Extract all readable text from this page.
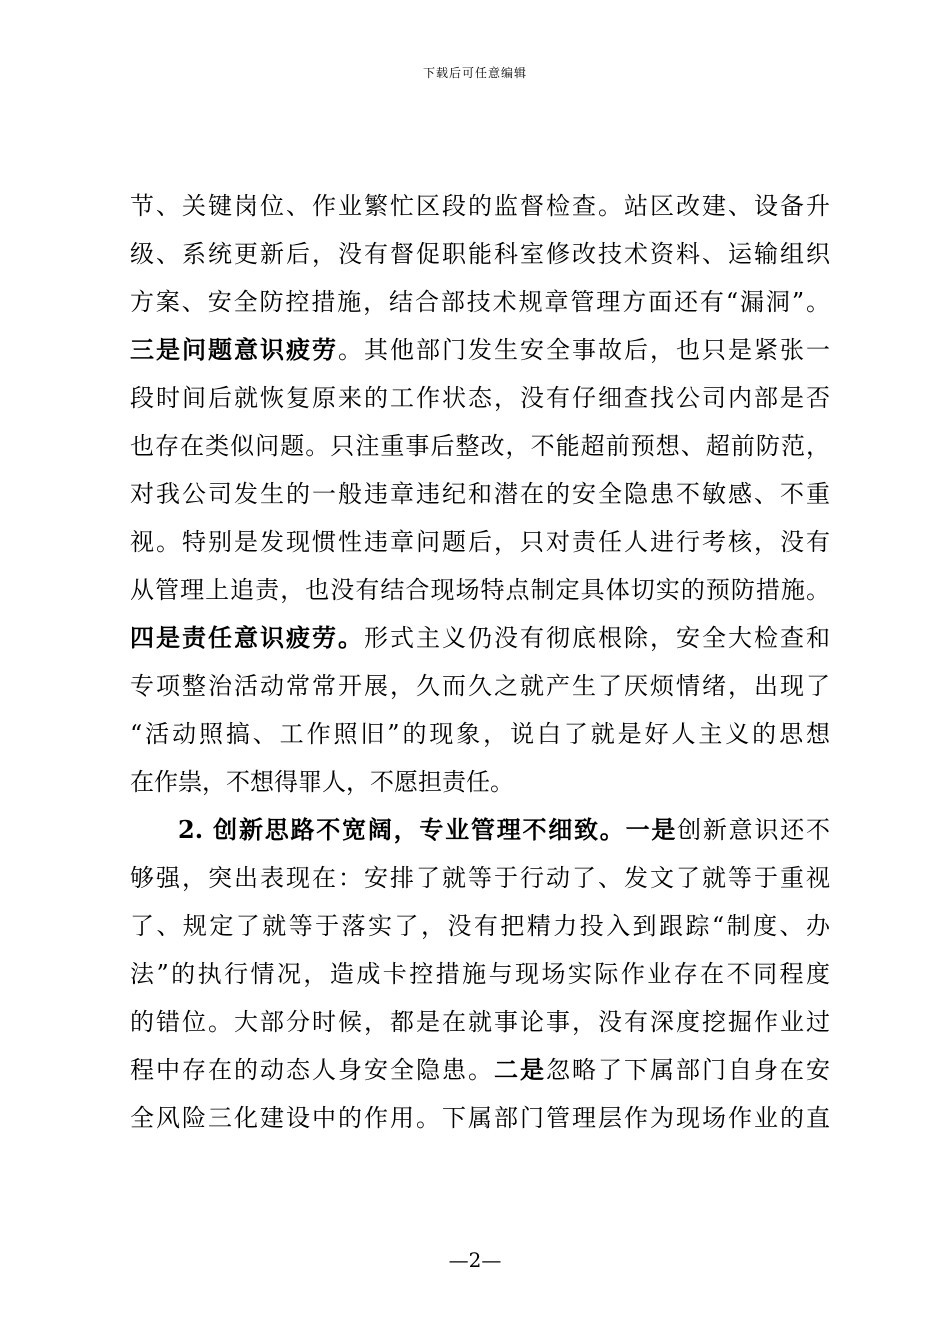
下载后可任意编辑
节、关键岗位、作业繁忙区段的监督检查。站区改建、设备升
级、系统更新后，没有督促职能科室修改技术资料、运输组织
方案、安全防控措施，结合部技术规章管理方面还有“漏洞”。
三是问题意识疲劳。其他部门发生安全事故后，也只是紧张一
段时间后就恢复原来的工作状态，没有仔细查找公司内部是否
也存在类似问题。只注重事后整改，不能超前预想、超前防范，
对我公司发生的一般违章违纪和潜在的安全隐患不敏感、不重
视。特别是发现惯性违章问题后，只对责任人进行考核，没有
从管理上追责，也没有结合现场特点制定具体切实的预防措施。
四是责任意识疲劳。形式主义仍没有彻底根除，安全大检查和
专项整治活动常常开展，久而久之就产生了厌烦情绪，出现了
“活动照搞、工作照旧”的现象，说白了就是好人主义的思想
在作祟，不想得罪人，不愿担责任。
2. 创新思路不宽阔，专业管理不细致。一是创新意识还不
够强，突出表现在：安排了就等于行动了、发文了就等于重视
了、规定了就等于落实了，没有把精力投入到跟踪“制度、办
法”的执行情况，造成卡控措施与现场实际作业存在不同程度
的错位。大部分时候，都是在就事论事，没有深度挖掘作业过
程中存在的动态人身安全隐患。二是忽略了下属部门自身在安
全风险三化建设中的作用。下属部门管理层作为现场作业的直
—2—
